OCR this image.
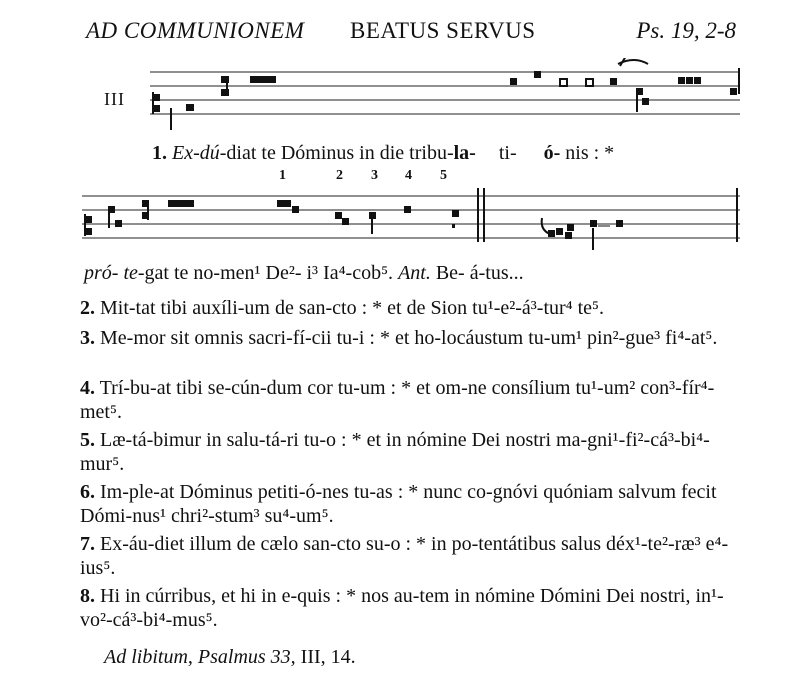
AD COMMUNIONEM BEATUS SERVUS	Ps. 19, 2-8
III
1. Ex-dú-diat te Dóminus in die tribu-la- ti- ó- nis : *
1	2 3 4 5
pró- te-gat te no-men¹ De²- i³ Ia⁴-cob⁵. Ant. Be- á-tus...
2. Mit-tat tibi auxíli-um de san-cto : * et de Sion tu¹-e²-á³-tur⁴ te⁵.
3. Me-mor sit omnis sacri-fí-cii tu-i : * et ho-locáustum tu-um¹ pin²-gue³ fi⁴-at⁵.
4. Trí-bu-at tibi se-cún-dum cor tu-um : * et om-ne consílium tu¹-um² con³-fír⁴-met⁵.
5. Læ-tá-bimur in salu-tá-ri tu-o : * et in nómine Dei nostri ma-gni¹-fi²-cá³-bi⁴-mur⁵.
6. Im-ple-at Dóminus petiti-ó-nes tu-as : * nunc co-gnóvi quóniam salvum fecit Dómi-nus¹ chri²-stum³ su⁴-um⁵.
7. Ex-áu-diet illum de cælo san-cto su-o : * in po-tentátibus salus déx¹-te²-ræ³ e⁴-ius⁵.
8. Hi in cúrribus, et hi in e-quis : * nos au-tem in nómine Dómini Dei nostri, in¹-vo²-cá³-bi⁴-mus⁵.
Ad libitum, Psalmus 33, III, 14.
